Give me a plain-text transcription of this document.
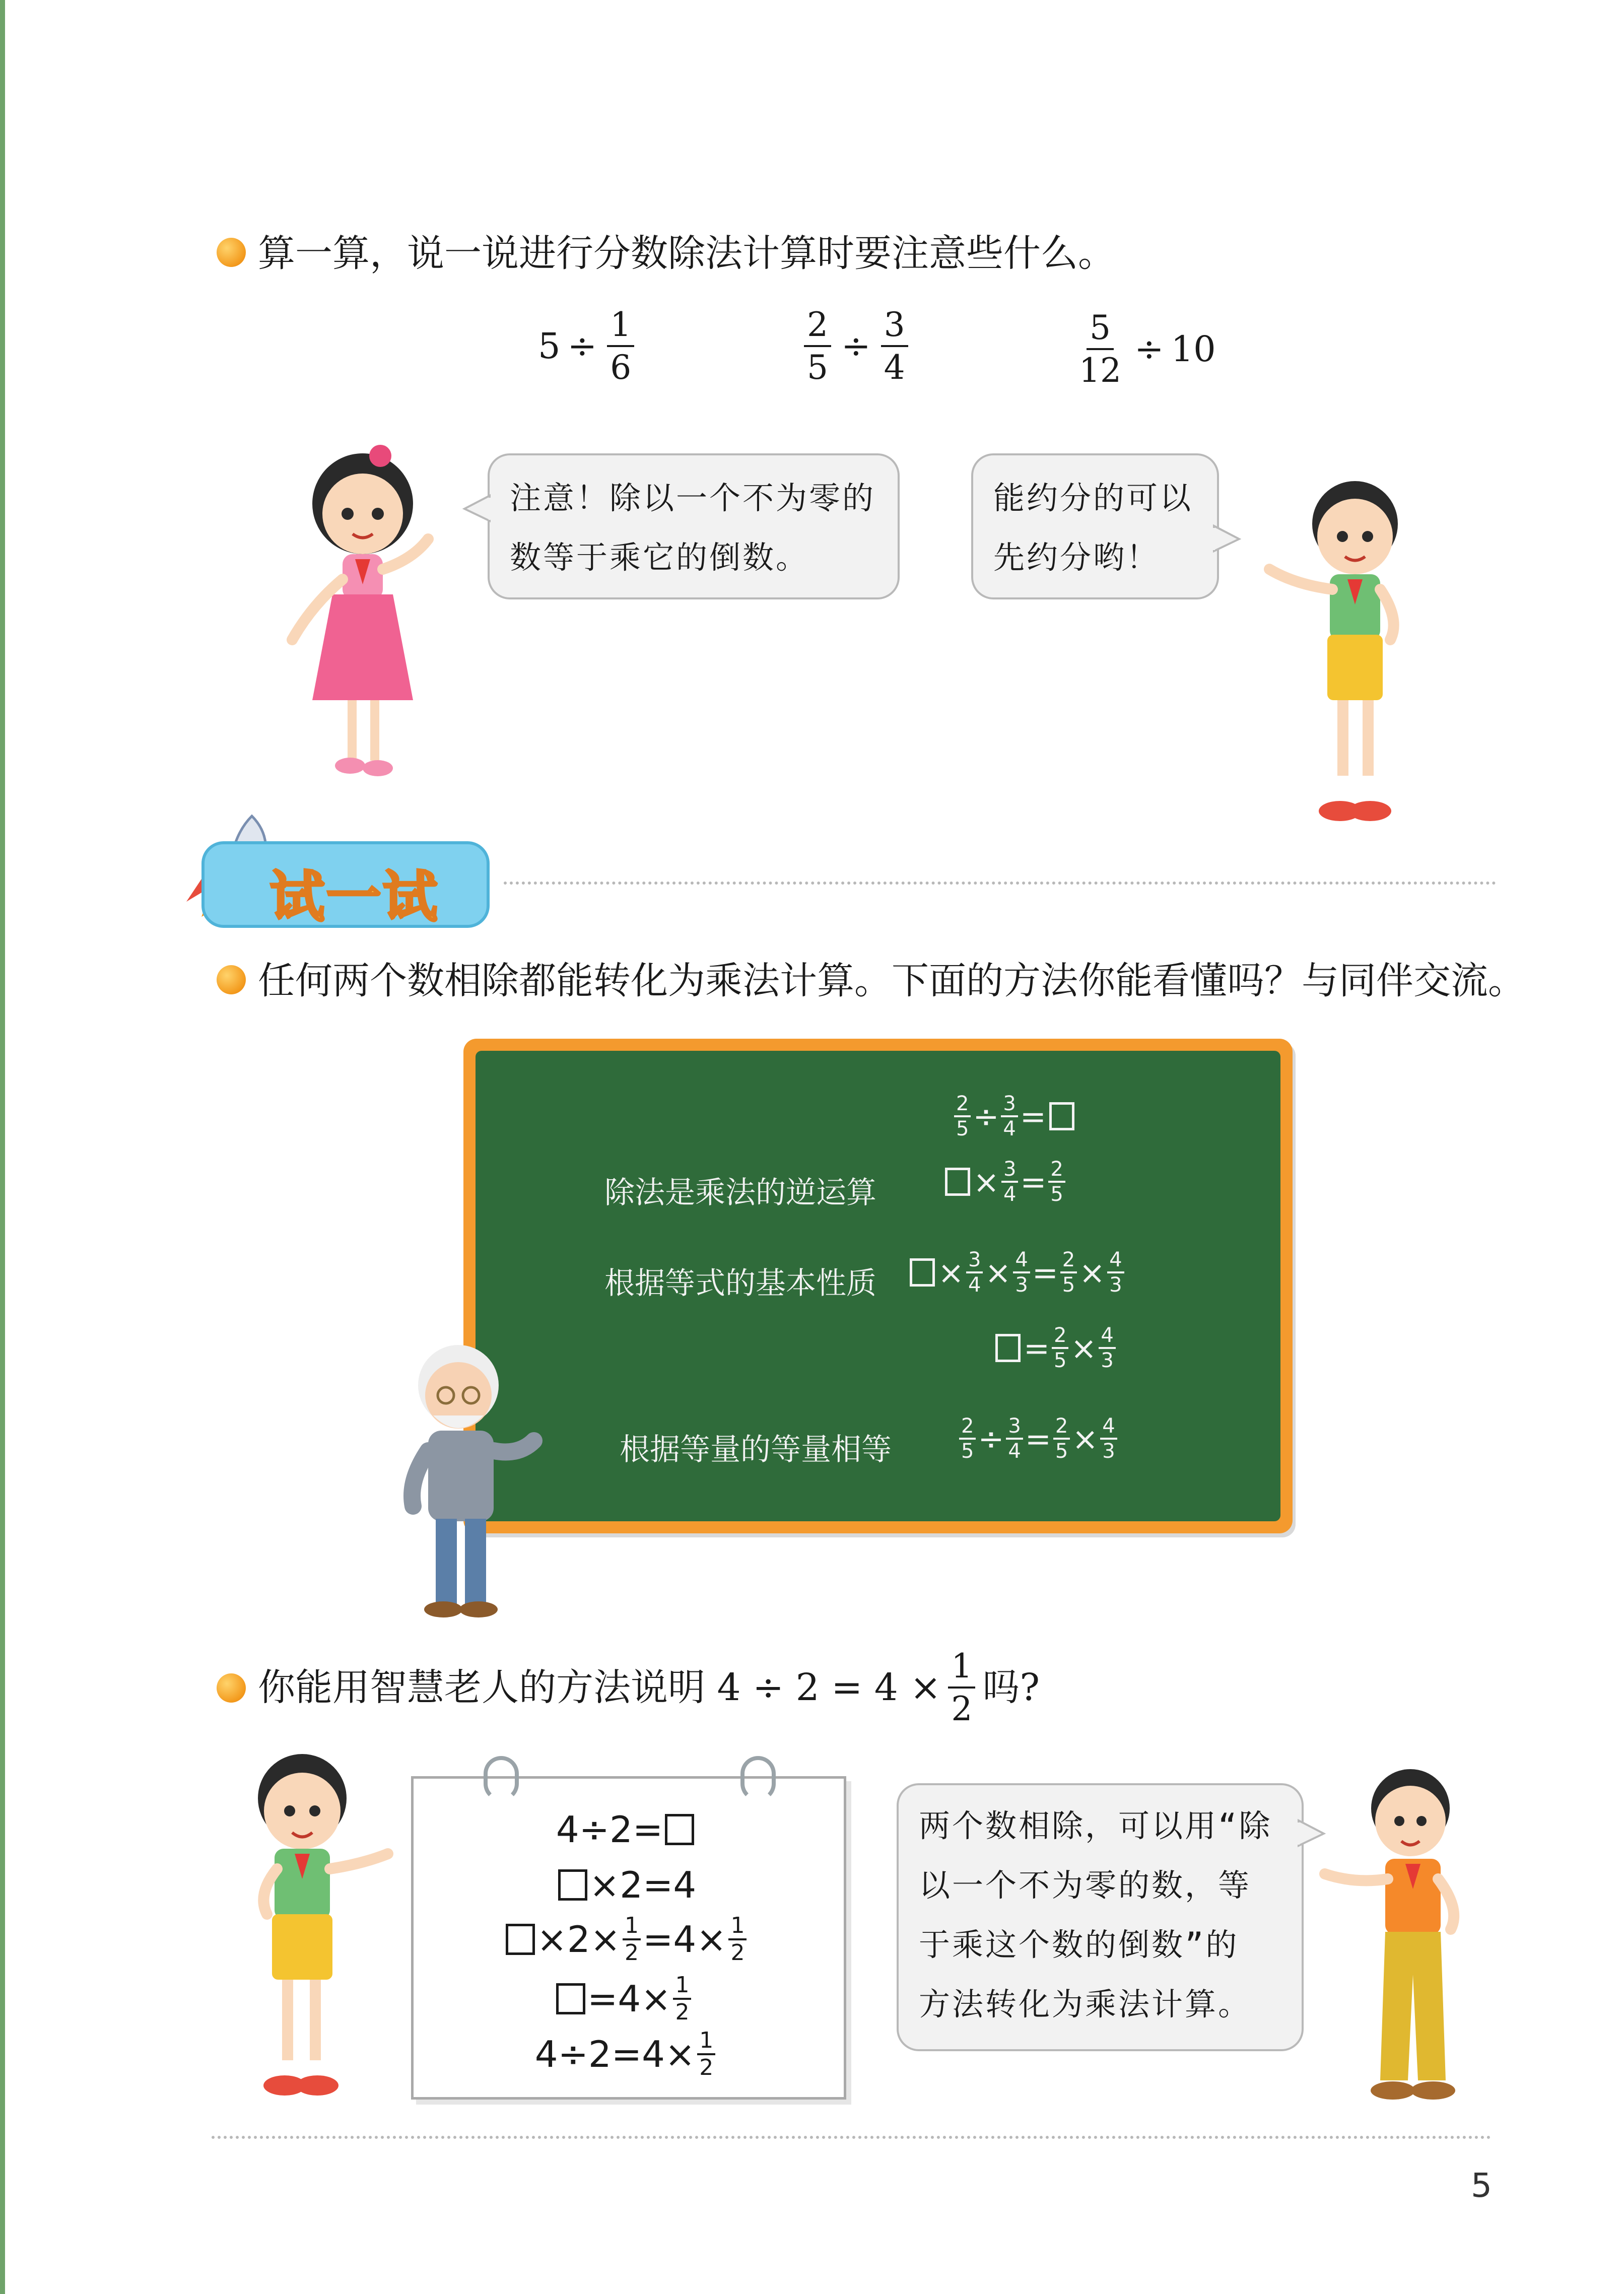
算一算，说一说进行分数除法计算时要注意些什么。
$5 \div \frac{1}{6}$	$\frac{2}{5} \div \frac{3}{4}$	$\frac{5}{12} \div 10$
注意！除以一个不为零的
数等于乘它的倒数。
能约分的可以
先约分哟！
试一试
任何两个数相除都能转化为乘法计算。下面的方法你能看懂吗？与同伴交流。
$\frac{2}{5} \div \frac{3}{4}$ =
除法是乘法的逆运算	× $\frac{3}{4} = \frac{2}{5}$
根据等式的基本性质 × $\frac{3}{4} \times \frac{4}{3} = \frac{2}{5} \times \frac{4}{3}$
= $\frac{2}{5} \times \frac{4}{3}$
根据等量的等量相等	$\frac{2}{5} \div \frac{3}{4} = \frac{2}{5} \times \frac{4}{3}$
你能用智慧老人的方法说明 $4 \div 2 = 4 \times \frac{1}{2}$ 吗?
4 ÷ 2 =
× 2 = 4
× $2 \times \frac{1}{2} = 4 \times \frac{1}{2}$
= $4 \times \frac{1}{2}$
$4 \div 2 = 4 \times \frac{1}{2}$
两个数相除，可以用“除
以一个不为零的数，等
于乘这个数的倒数”的
方法转化为乘法计算。
5
